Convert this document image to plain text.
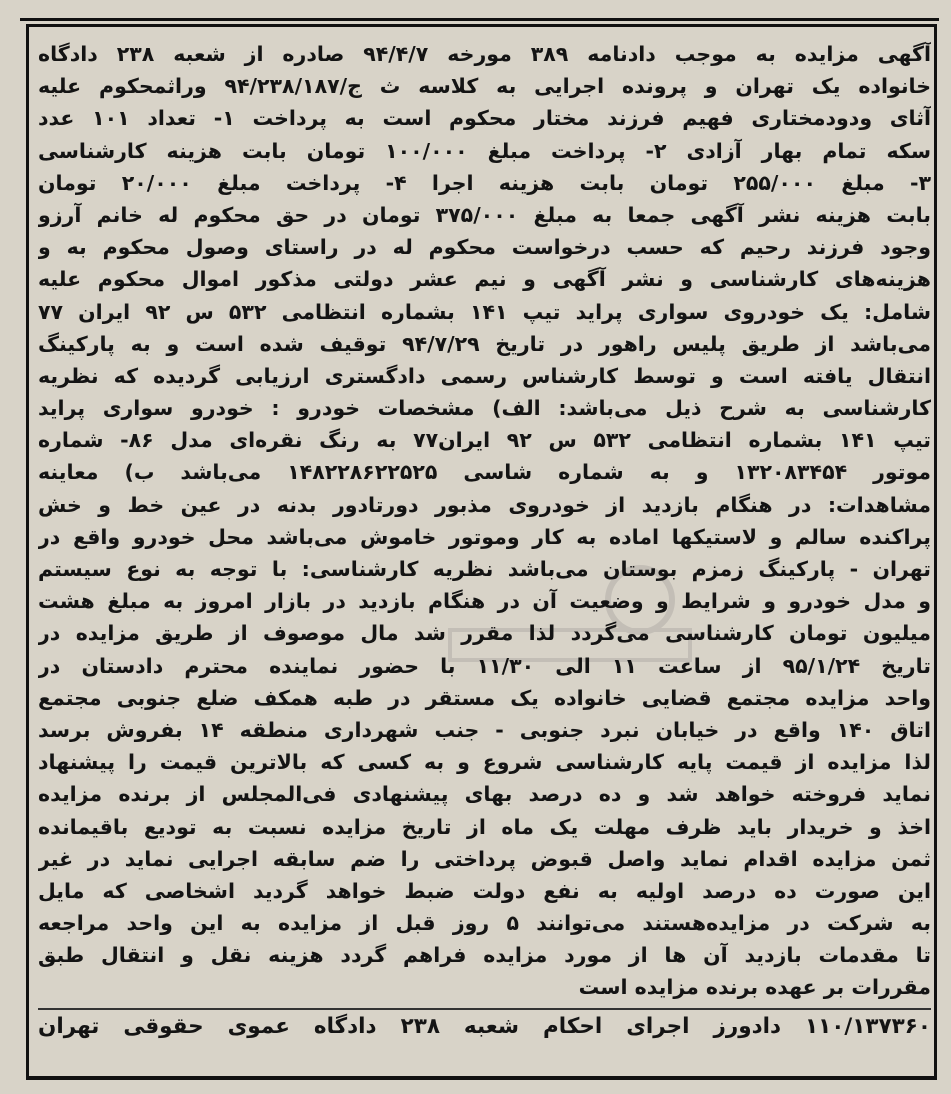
آگهی مزایده به موجب دادنامه ۳۸۹ مورخه ۹۴/۴/۷ صادره از شعبه ۲۳۸ دادگاه
خانواده یک تهران و پرونده اجرایی به کلاسه ث ج/۹۴/۲۳۸/۱۸۷ وراثمحکوم علیه
آثای ودودمختاری فهیم فرزند مختار محکوم است به پرداخت ۱- تعداد ۱۰۱ عدد
سکه تمام بهار آزادی ۲- پرداخت مبلغ ۱۰۰/۰۰۰ تومان بابت هزینه کارشناسی
۳- مبلغ ۲۵۵/۰۰۰ تومان بابت هزینه اجرا ۴- پرداخت مبلغ ۲۰/۰۰۰ تومان
بابت هزینه نشر آگهی جمعا به مبلغ ۳۷۵/۰۰۰ تومان در حق محکوم له خانم آرزو
وجود فرزند رحیم که حسب درخواست محکوم له در راستای وصول محکوم به و
هزینه‌های کارشناسی و نشر آگهی و نیم عشر دولتی مذکور اموال محکوم علیه
شامل: یک خودروی سواری پراید تیپ ۱۴۱ بشماره انتظامی ۵۳۲ س ۹۲ ایران ۷۷
می‌باشد از طریق پلیس راهور در تاریخ ۹۴/۷/۲۹ توقیف شده است و به پارکینگ
انتقال یافته است و توسط کارشناس رسمی دادگستری ارزیابی گردیده که نظریه
کارشناسی به شرح ذیل می‌باشد: الف) مشخصات خودرو : خودرو سواری پراید
تیپ ۱۴۱ بشماره انتظامی ۵۳۲ س ۹۲ ایران۷۷ به رنگ نقره‌ای مدل ۸۶- شماره
موتور ۱۳۲۰۸۳۴۵۴ و به شماره شاسی ۱۴۸۲۲۸۶۲۲۵۲۵ می‌باشد ب) معاینه
مشاهدات: در هنگام بازدید از خودروی مذبور دورتادور بدنه در عین خط و خش
پراکنده سالم و لاستیکها اماده به کار وموتور خاموش می‌باشد محل خودرو واقع در
تهران - پارکینگ زمزم بوستان می‌باشد نظریه کارشناسی: با توجه به نوع سیستم
و مدل خودرو و شرایط و وضعیت آن در هنگام بازدید در بازار امروز به مبلغ هشت
میلیون تومان کارشناسی می‌گردد لذا مقرر شد مال موصوف از طریق مزایده در
تاریخ ۹۵/۱/۲۴ از ساعت ۱۱ الی ۱۱/۳۰ با حضور نماینده محترم دادستان در
واحد مزایده مجتمع قضایی خانواده یک مستقر در طبه همکف ضلع جنوبی مجتمع
اتاق ۱۴۰ واقع در خیابان نبرد جنوبی - جنب شهرداری منطقه ۱۴ بفروش برسد
لذا مزایده از قیمت پایه کارشناسی شروع و به کسی که بالاترین قیمت را پیشنهاد
نماید فروخته خواهد شد و ده درصد بهای پیشنهادی فی‌المجلس از برنده مزایده
اخذ و خریدار باید ظرف مهلت یک ماه از تاریخ مزایده نسبت به تودیع باقیمانده
ثمن مزایده اقدام نماید واصل قبوض پرداختی را ضم سابقه اجرایی نماید در غیر
این صورت ده درصد اولیه به نفع دولت ضبط خواهد گردید اشخاصی که مایل
به شرکت در مزایده‌هستند می‌توانند ۵ روز قبل از مزایده به این واحد مراجعه
تا مقدمات بازدید آن ها از مورد مزایده فراهم گردد هزینه نقل و انتقال طبق
مقررات بر عهده برنده مزایده است
۱۱۰/۱۳۷۳۶۰ دادورز اجرای احکام شعبه ۲۳۸ دادگاه عموی حقوقی تهران
